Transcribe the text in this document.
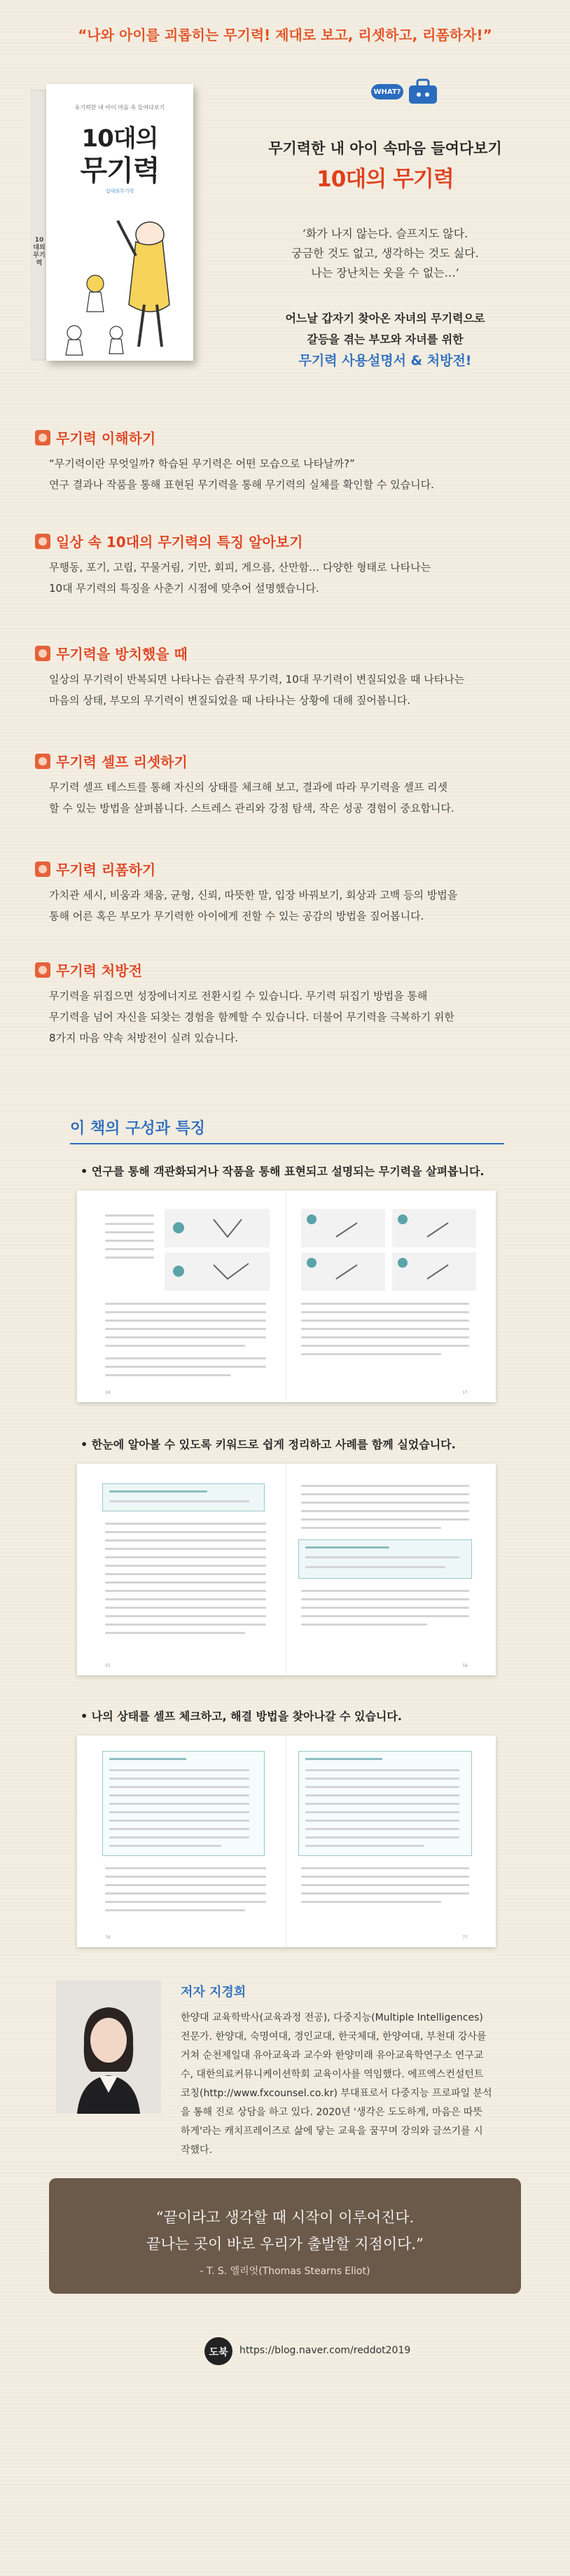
“나와 아이를 괴롭히는 무기력! 제대로 보고, 리셋하고, 리폼하자!”
10대의무기력
유기력한 내 아이 마음 속 들여다보기
10대의
무기력
십대의무기력
WHAT?
무기력한 내 아이 속마음 들여다보기
10대의 무기력
‘화가 나지 않는다. 슬프지도 않다.
궁금한 것도 없고, 생각하는 것도 싫다.
나는 장난치는 웃을 수 없는…’
어느날 갑자기 찾아온 자녀의 무기력으로
갈등을 겪는 부모와 자녀를 위한
무기력 사용설명서 & 처방전!
무기력 이해하기
“무기력이란 무엇일까? 학습된 무기력은 어떤 모습으로 나타날까?”
연구 결과나 작품을 통해 표현된 무기력을 통해 무기력의 실체를 확인할 수 있습니다.
일상 속 10대의 무기력의 특징 알아보기
무행동, 포기, 고립, 꾸물거림, 기만, 회피, 게으름, 산만함… 다양한 형태로 나타나는
10대 무기력의 특징을 사춘기 시점에 맞추어 설명했습니다.
무기력을 방치했을 때
일상의 무기력이 반복되면 나타나는 습관적 무기력, 10대 무기력이 변질되었을 때 나타나는
마음의 상태, 부모의 무기력이 변질되었을 때 나타나는 상황에 대해 짚어봅니다.
무기력 셀프 리셋하기
무기력 셀프 테스트를 통해 자신의 상태를 체크해 보고, 결과에 따라 무기력을 셀프 리셋
할 수 있는 방법을 살펴봅니다. 스트레스 관리와 강점 탐색, 작은 성공 경험이 중요합니다.
무기력 리폼하기
가치관 세시, 비움과 채움, 균형, 신뢰, 따뜻한 말, 입장 바꿔보기, 회상과 고백 등의 방법을
통해 어른 혹은 부모가 무기력한 아이에게 전할 수 있는 공감의 방법을 짚어봅니다.
무기력 처방전
무기력을 뒤집으면 성장에너지로 전환시킬 수 있습니다. 무기력 뒤집기 방법을 통해
무기력을 넘어 자신을 되찾는 경험을 함께할 수 있습니다. 더불어 무기력을 극복하기 위한
8가지 마음 약속 처방전이 실려 있습니다.
이 책의 구성과 특징
• 연구를 통해 객관화되거나 작품을 통해 표현되고 설명되는 무기력을 살펴봅니다.
16	17
• 한눈에 알아볼 수 있도록 키워드로 쉽게 정리하고 사례를 함께 실었습니다.
55	56
• 나의 상태를 셀프 체크하고, 해결 방법을 찾아나갈 수 있습니다.
76	77
저자 지경희
한양대 교육학박사(교육과정 전공), 다중지능(Multiple Intelligences)
전문가. 한양대, 숙명여대, 경인교대, 한국체대, 한양여대, 부천대 강사를
거쳐 순천제일대 유아교육과 교수와 한양미래 유아교육학연구소 연구교
수, 대한의료커뮤니케이션학회 교육이사를 역임했다. 에프엑스컨설턴트
코칭(http://www.fxcounsel.co.kr) 부대표로서 다중지능 프로파일 분석
을 통해 진로 상담을 하고 있다. 2020년 '생각은 도도하게, 마음은 따뜻
하게'라는 캐치프레이즈로 삶에 닿는 교육을 꿈꾸며 강의와 글쓰기를 시
작했다.
“끝이라고 생각할 때 시작이 이루어진다.
끝나는 곳이 바로 우리가 출발할 지점이다.”
- T. S. 엘리엇(Thomas Stearns Eliot)
도북 https://blog.naver.com/reddot2019
